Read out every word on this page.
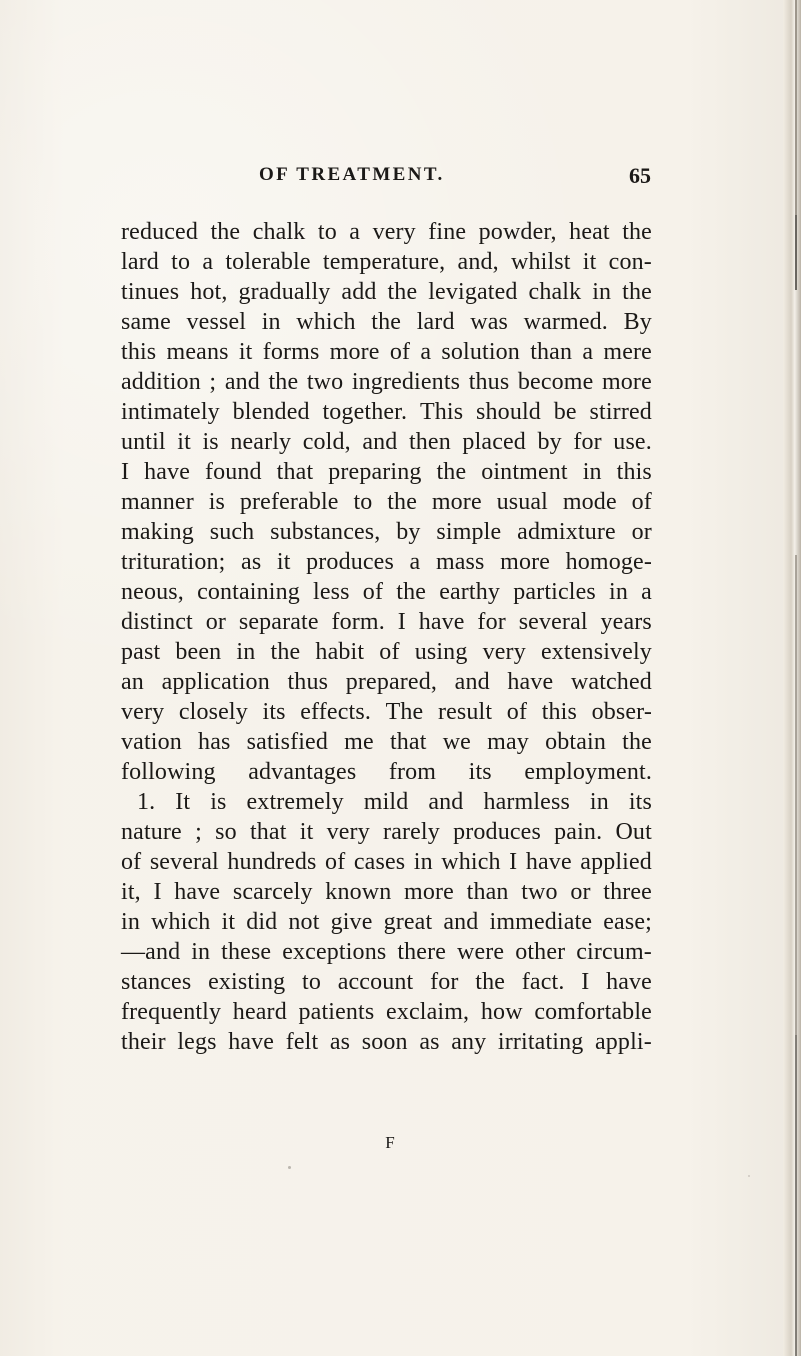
OF TREATMENT.	65
reduced the chalk to a very fine powder, heat the
lard to a tolerable temperature, and, whilst it con-
tinues hot, gradually add the levigated chalk in the
same vessel in which the lard was warmed. By
this means it forms more of a solution than a mere
addition ; and the two ingredients thus become more
intimately blended together. This should be stirred
until it is nearly cold, and then placed by for use.
I have found that preparing the ointment in this
manner is preferable to the more usual mode of
making such substances, by simple admixture or
trituration; as it produces a mass more homoge-
neous, containing less of the earthy particles in a
distinct or separate form. I have for several years
past been in the habit of using very extensively
an application thus prepared, and have watched
very closely its effects. The result of this obser-
vation has satisfied me that we may obtain the
following advantages from its employment.
1. It is extremely mild and harmless in its
nature ; so that it very rarely produces pain. Out
of several hundreds of cases in which I have applied
it, I have scarcely known more than two or three
in which it did not give great and immediate ease;
—and in these exceptions there were other circum-
stances existing to account for the fact. I have
frequently heard patients exclaim, how comfortable
their legs have felt as soon as any irritating appli-
F
